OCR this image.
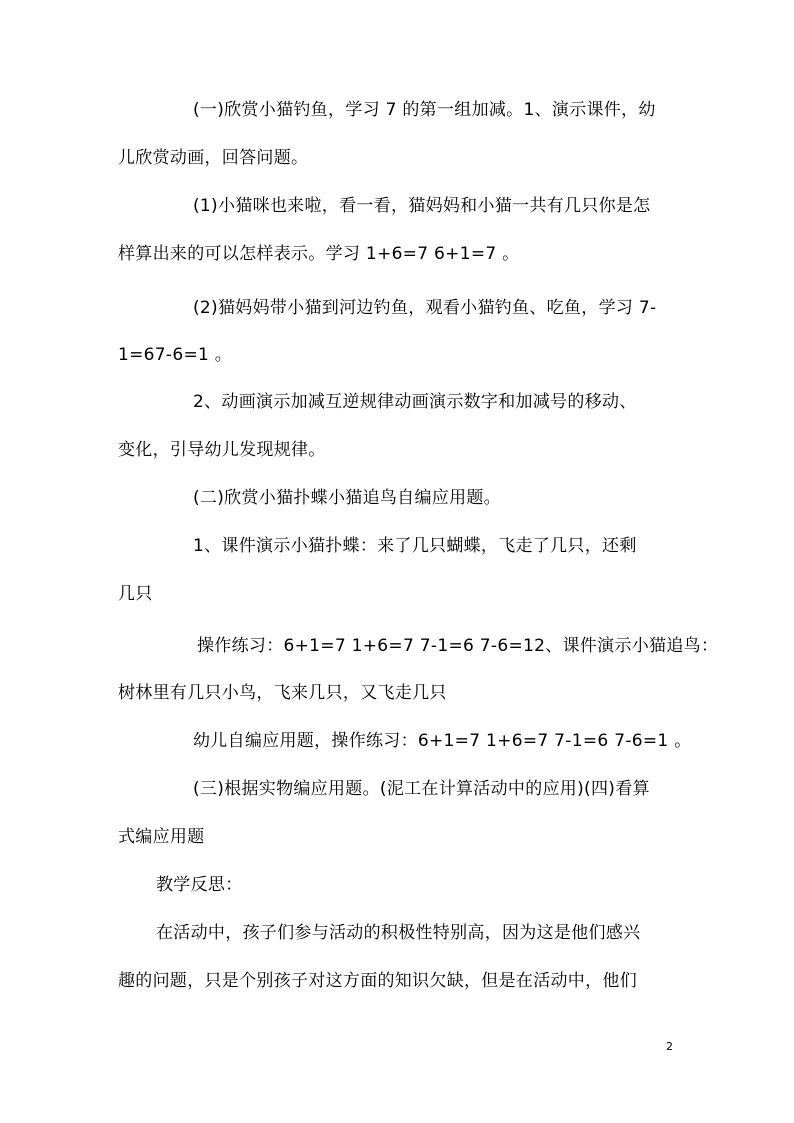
(一)欣赏小猫钓鱼，学习 7 的第一组加减。1、演示课件，幼
儿欣赏动画，回答问题。
(1)小猫咪也来啦，看一看，猫妈妈和小猫一共有几只你是怎
样算出来的可以怎样表示。学习 1+6=7 6+1=7 。
(2)猫妈妈带小猫到河边钓鱼，观看小猫钓鱼、吃鱼，学习 7-
1=67-6=1 。
2、动画演示加减互逆规律动画演示数字和加减号的移动、
变化，引导幼儿发现规律。
(二)欣赏小猫扑蝶小猫追鸟自编应用题。
1、课件演示小猫扑蝶：来了几只蝴蝶，飞走了几只，还剩
几只
操作练习：6+1=7 1+6=7 7-1=6 7-6=12、课件演示小猫追鸟：
树林里有几只小鸟，飞来几只，又飞走几只
幼儿自编应用题，操作练习：6+1=7 1+6=7 7-1=6 7-6=1 。
(三)根据实物编应用题。(泥工在计算活动中的应用)(四)看算
式编应用题
教学反思：
在活动中，孩子们参与活动的积极性特别高，因为这是他们感兴
趣的问题，只是个别孩子对这方面的知识欠缺，但是在活动中，他们
2
